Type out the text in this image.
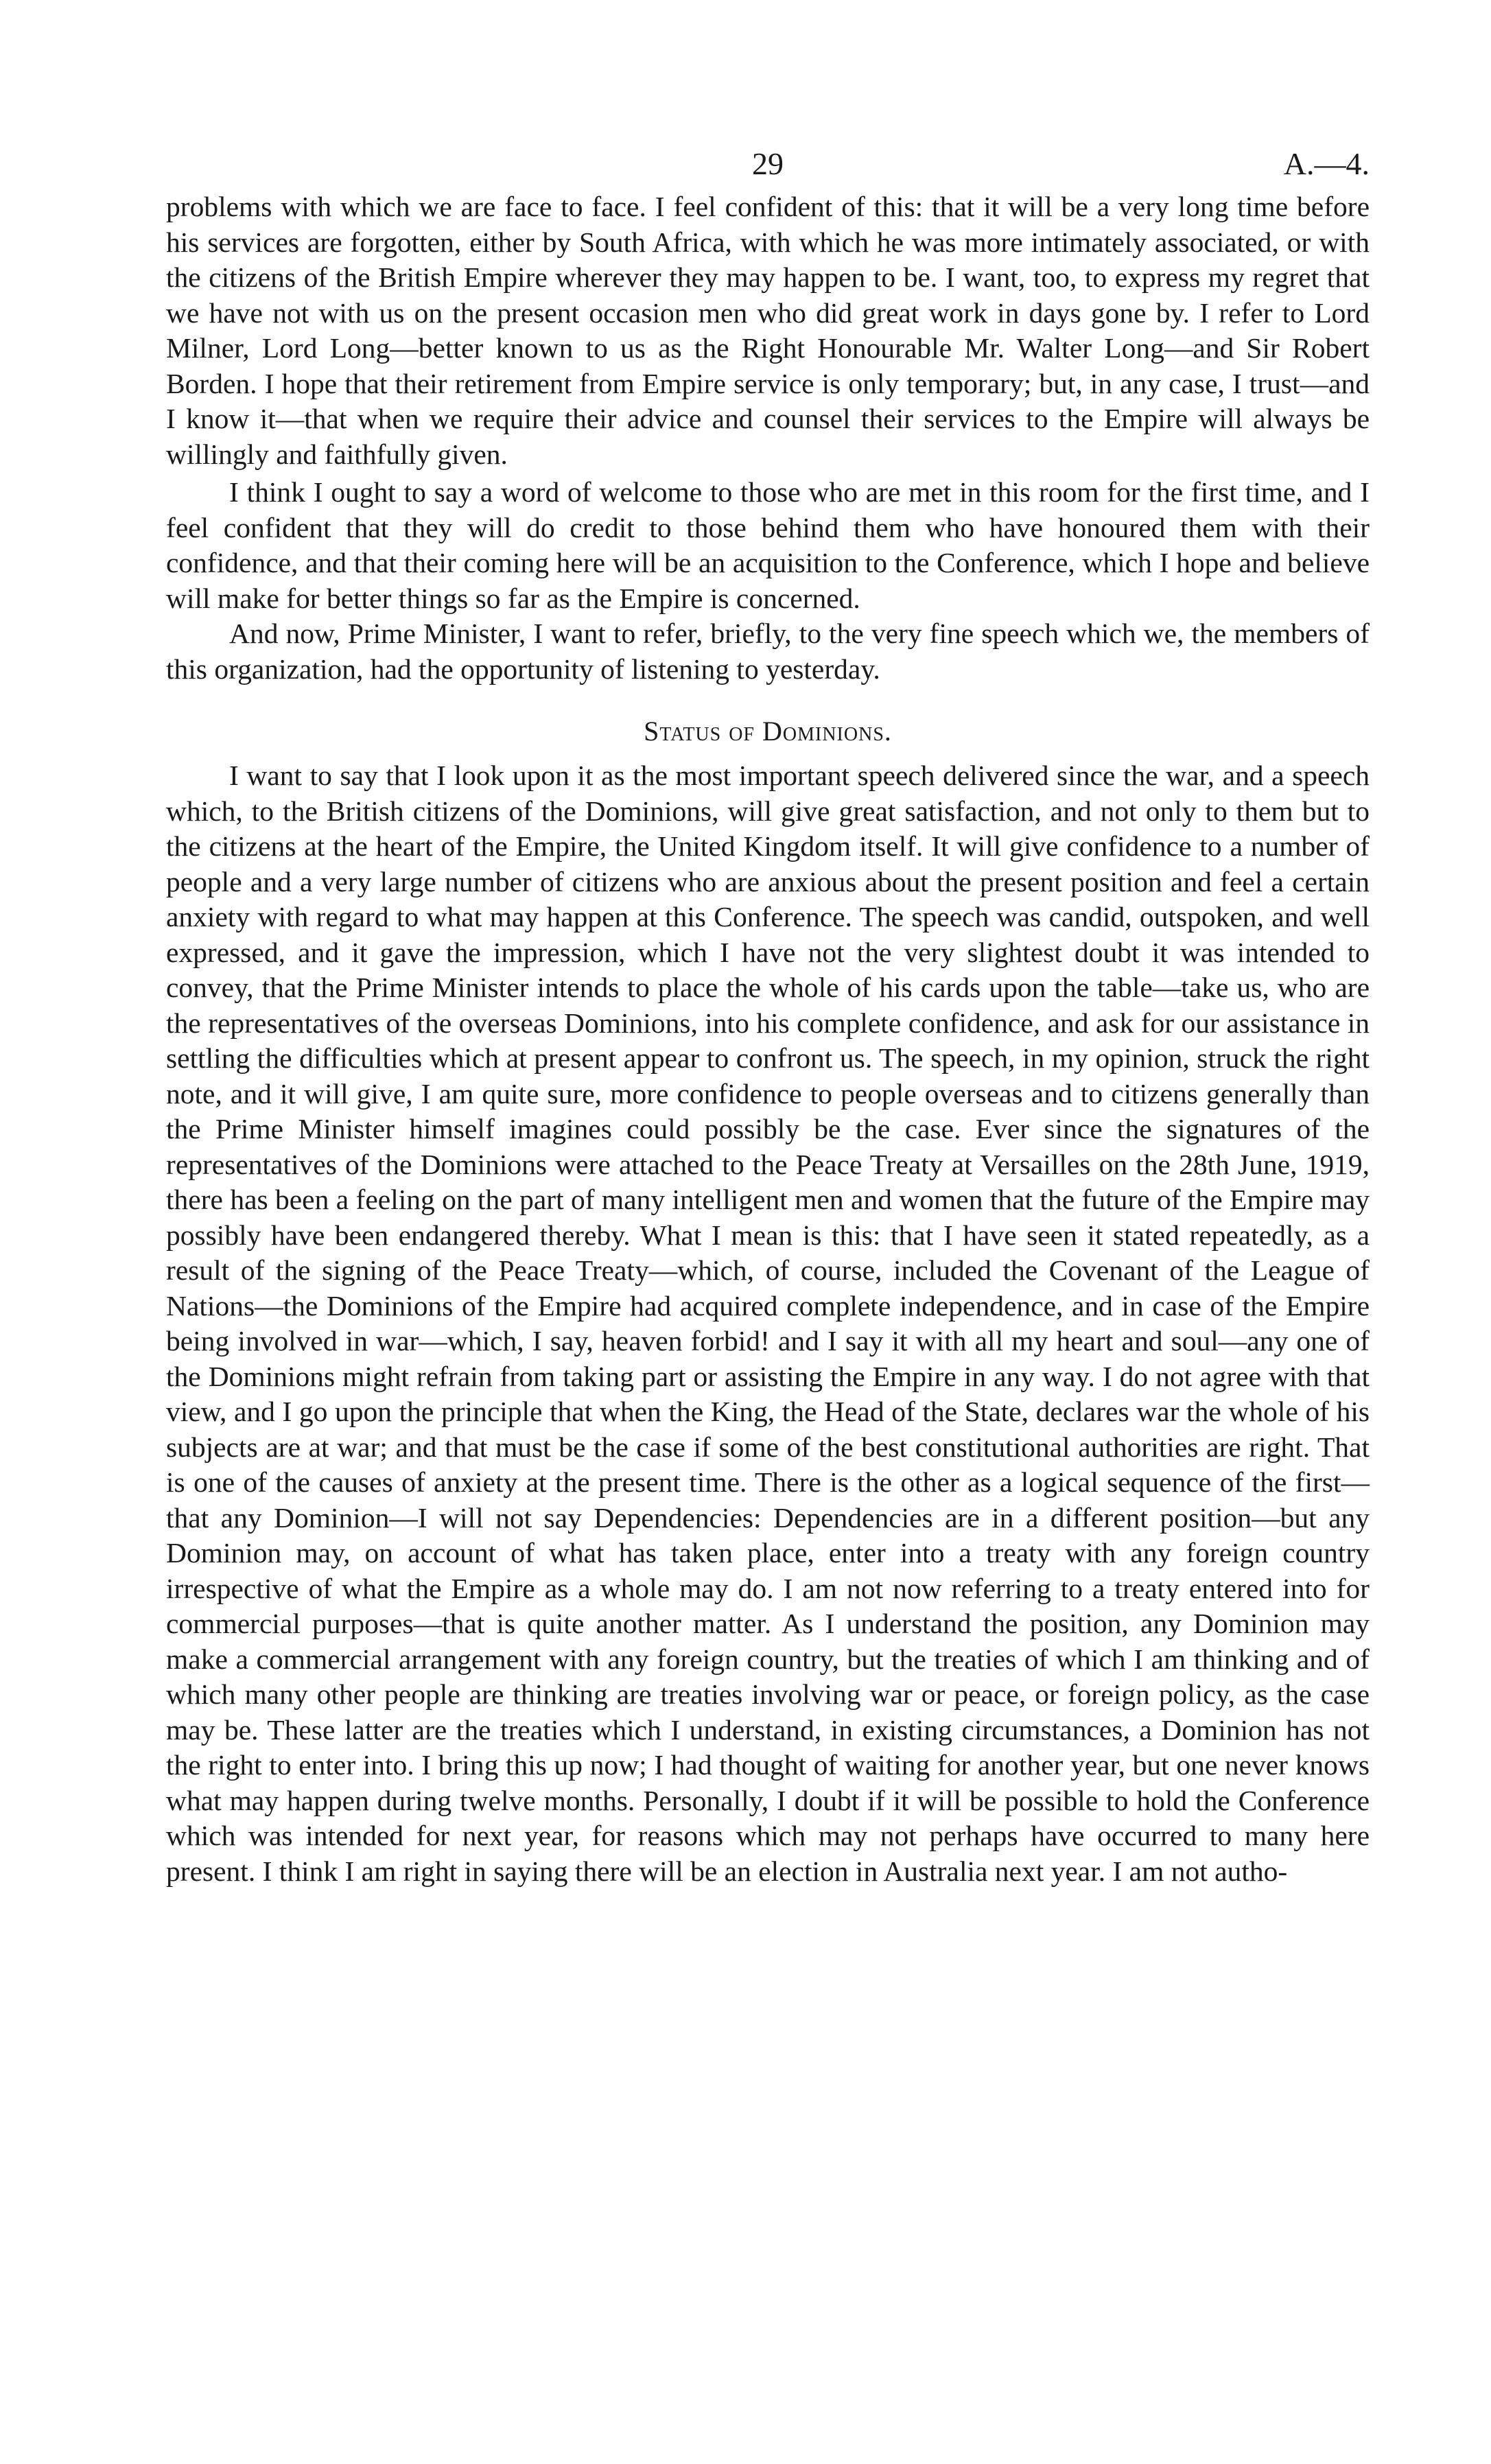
29	A.—4.

problems with which we are face to face. I feel confident of this: that it will be a very long time before his services are forgotten, either by South Africa, with which he was more intimately associated, or with the citizens of the British Empire wherever they may happen to be. I want, too, to express my regret that we have not with us on the present occasion men who did great work in days gone by. I refer to Lord Milner, Lord Long—better known to us as the Right Honourable Mr. Walter Long—and Sir Robert Borden. I hope that their retirement from Empire service is only temporary; but, in any case, I trust—and I know it—that when we require their advice and counsel their services to the Empire will always be willingly and faithfully given.

I think I ought to say a word of welcome to those who are met in this room for the first time, and I feel confident that they will do credit to those behind them who have honoured them with their confidence, and that their coming here will be an acquisition to the Conference, which I hope and believe will make for better things so far as the Empire is concerned.

And now, Prime Minister, I want to refer, briefly, to the very fine speech which we, the members of this organization, had the opportunity of listening to yesterday.

Status of Dominions.

I want to say that I look upon it as the most important speech delivered since the war, and a speech which, to the British citizens of the Dominions, will give great satisfaction, and not only to them but to the citizens at the heart of the Empire, the United Kingdom itself. It will give confidence to a number of people and a very large number of citizens who are anxious about the present position and feel a certain anxiety with regard to what may happen at this Conference. The speech was candid, outspoken, and well expressed, and it gave the impression, which I have not the very slightest doubt it was intended to convey, that the Prime Minister intends to place the whole of his cards upon the table—take us, who are the representatives of the overseas Dominions, into his complete confidence, and ask for our assistance in settling the difficulties which at present appear to confront us. The speech, in my opinion, struck the right note, and it will give, I am quite sure, more confidence to people overseas and to citizens generally than the Prime Minister himself imagines could possibly be the case. Ever since the signatures of the representatives of the Dominions were attached to the Peace Treaty at Versailles on the 28th June, 1919, there has been a feeling on the part of many intelligent men and women that the future of the Empire may possibly have been endangered thereby. What I mean is this: that I have seen it stated repeatedly, as a result of the signing of the Peace Treaty—which, of course, included the Covenant of the League of Nations—the Dominions of the Empire had acquired complete independence, and in case of the Empire being involved in war—which, I say, heaven forbid! and I say it with all my heart and soul—any one of the Dominions might refrain from taking part or assisting the Empire in any way. I do not agree with that view, and I go upon the principle that when the King, the Head of the State, declares war the whole of his subjects are at war; and that must be the case if some of the best constitutional authorities are right. That is one of the causes of anxiety at the present time. There is the other as a logical sequence of the first—that any Dominion—I will not say Dependencies: Dependencies are in a different position—but any Dominion may, on account of what has taken place, enter into a treaty with any foreign country irrespective of what the Empire as a whole may do. I am not now referring to a treaty entered into for commercial purposes—that is quite another matter. As I understand the position, any Dominion may make a commercial arrangement with any foreign country, but the treaties of which I am thinking and of which many other people are thinking are treaties involving war or peace, or foreign policy, as the case may be. These latter are the treaties which I understand, in existing circumstances, a Dominion has not the right to enter into. I bring this up now; I had thought of waiting for another year, but one never knows what may happen during twelve months. Personally, I doubt if it will be possible to hold the Conference which was intended for next year, for reasons which may not perhaps have occurred to many here present. I think I am right in saying there will be an election in Australia next year. I am not autho-
